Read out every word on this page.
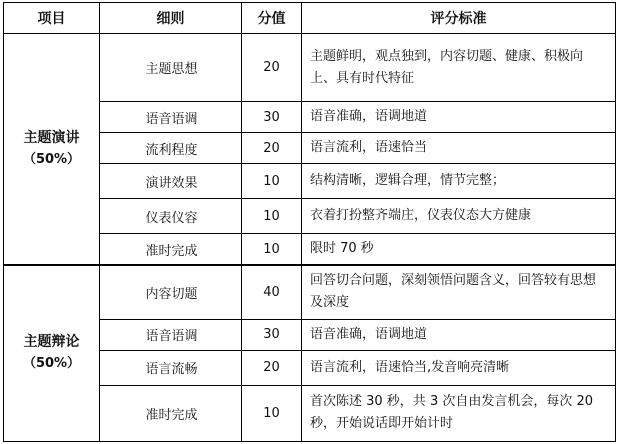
项目	细则	分值	评分标准
主题演讲
（50%）	主题思想	20	主题鲜明，观点独到，内容切题、健康、积极向上、具有时代特征
	语音语调	30	语音准确，语调地道
	流利程度	20	语言流利，语速恰当
	演讲效果	10	结构清晰，逻辑合理，情节完整；
	仪表仪容	10	衣着打扮整齐端庄，仪表仪态大方健康
	准时完成	10	限时 70 秒
主题辩论
（50%）	内容切题	40	回答切合问题，深刻领悟问题含义，回答较有思想及深度
	语音语调	30	语音准确，语调地道
	语言流畅	20	语言流利，语速恰当,发音响亮清晰
	准时完成	10	首次陈述 30 秒，共 3 次自由发言机会，每次 20 秒，开始说话即开始计时
